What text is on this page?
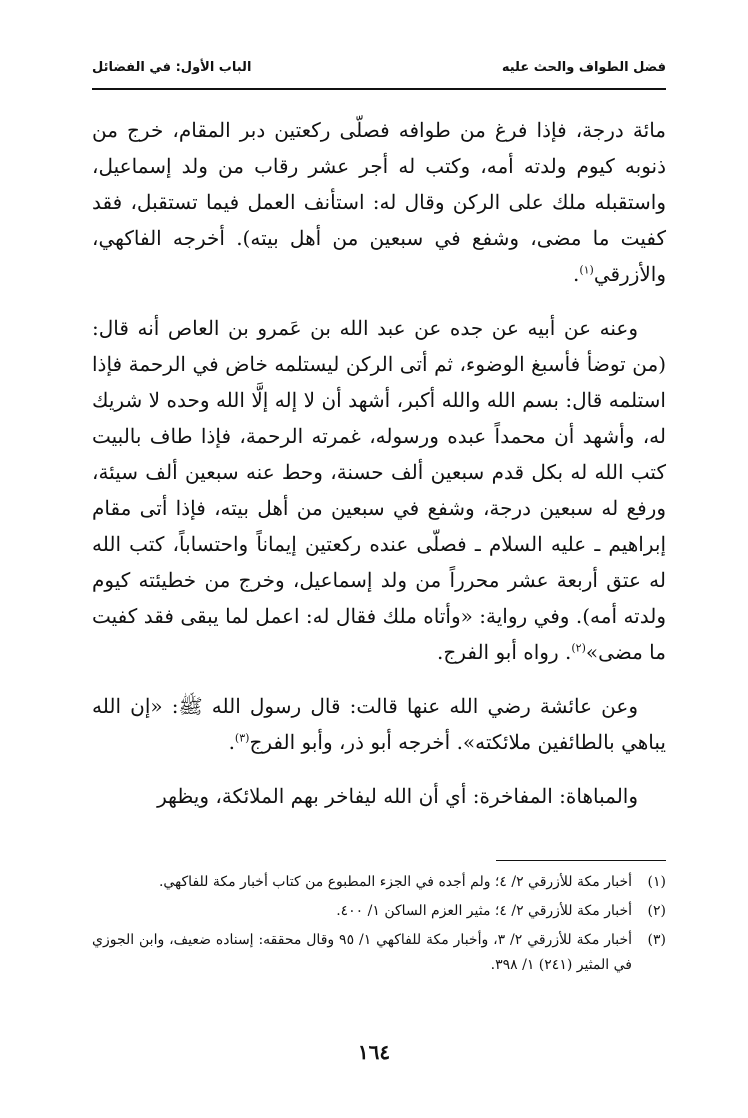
فضل الطواف والحث عليه
الباب الأول: في الفضائل

مائة درجة، فإذا فرغ من طوافه فصلّى ركعتين دبر المقام، خرج من ذنوبه كيوم ولدته أمه، وكتب له أجر عشر رقاب من ولد إسماعيل، واستقبله ملك على الركن وقال له: استأنف العمل فيما تستقبل، فقد كفيت ما مضى، وشفع في سبعين من أهل بيته). أخرجه الفاكهي، والأزرقي$^{(١)}$.

وعنه عن أبيه عن جده عن عبد الله بن عَمرو بن العاص أنه قال: (من توضأ فأسبغ الوضوء، ثم أتى الركن ليستلمه خاض في الرحمة فإذا استلمه قال: بسم الله والله أكبر، أشهد أن لا إله إلَّا الله وحده لا شريك له، وأشهد أن محمداً عبده ورسوله، غمرته الرحمة، فإذا طاف بالبيت كتب الله له بكل قدم سبعين ألف حسنة، وحط عنه سبعين ألف سيئة، ورفع له سبعين درجة، وشفع في سبعين من أهل بيته، فإذا أتى مقام إبراهيم ـ عليه السلام ـ فصلّى عنده ركعتين إيماناً واحتساباً، كتب الله له عتق أربعة عشر محرراً من ولد إسماعيل، وخرج من خطيئته كيوم ولدته أمه). وفي رواية: «وأتاه ملك فقال له: اعمل لما يبقى فقد كفيت ما مضى»$^{(٢)}$. رواه أبو الفرج.

وعن عائشة رضي الله عنها قالت: قال رسول الله ﷺ: «إن الله يباهي بالطائفين ملائكته». أخرجه أبو ذر، وأبو الفرج$^{(٣)}$.

والمباهاة: المفاخرة: أي أن الله ليفاخر بهم الملائكة، ويظهر

(١)
أخبار مكة للأزرقي ٢/ ٤؛ ولم أجده في الجزء المطبوع من كتاب أخبار مكة للفاكهي.
(٢)
أخبار مكة للأزرقي ٢/ ٤؛ مثير العزم الساكن ١/ ٤٠٠.
(٣)
أخبار مكة للأزرقي ٢/ ٣، وأخبار مكة للفاكهي ١/ ٩٥ وقال محققه: إسناده ضعيف، وابن الجوزي في المثير (٢٤١) ١/ ٣٩٨.
١٦٤
